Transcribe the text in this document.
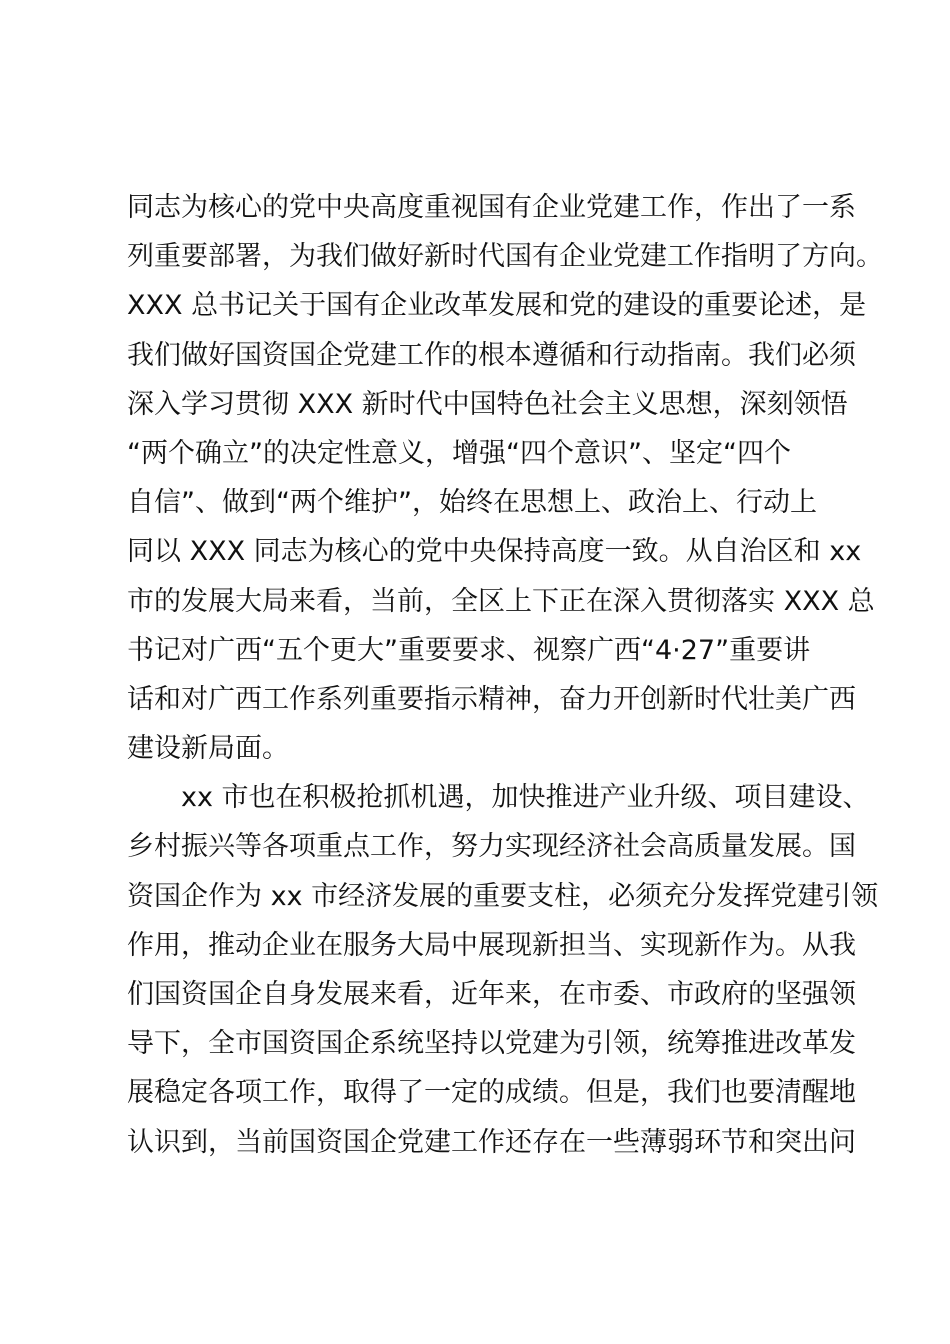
同志为核心的党中央高度重视国有企业党建工作，作出了一系
列重要部署，为我们做好新时代国有企业党建工作指明了方向。
XXX 总书记关于国有企业改革发展和党的建设的重要论述，是
我们做好国资国企党建工作的根本遵循和行动指南。我们必须
深入学习贯彻 XXX 新时代中国特色社会主义思想，深刻领悟
“两个确立”的决定性意义，增强“四个意识”、坚定“四个
自信”、做到“两个维护”，始终在思想上、政治上、行动上
同以 XXX 同志为核心的党中央保持高度一致。从自治区和 xx
市的发展大局来看，当前，全区上下正在深入贯彻落实 XXX 总
书记对广西“五个更大”重要要求、视察广西“4·27”重要讲
话和对广西工作系列重要指示精神，奋力开创新时代壮美广西
建设新局面。
xx 市也在积极抢抓机遇，加快推进产业升级、项目建设、
乡村振兴等各项重点工作，努力实现经济社会高质量发展。国
资国企作为 xx 市经济发展的重要支柱，必须充分发挥党建引领
作用，推动企业在服务大局中展现新担当、实现新作为。从我
们国资国企自身发展来看，近年来，在市委、市政府的坚强领
导下，全市国资国企系统坚持以党建为引领，统筹推进改革发
展稳定各项工作，取得了一定的成绩。但是，我们也要清醒地
认识到，当前国资国企党建工作还存在一些薄弱环节和突出问
